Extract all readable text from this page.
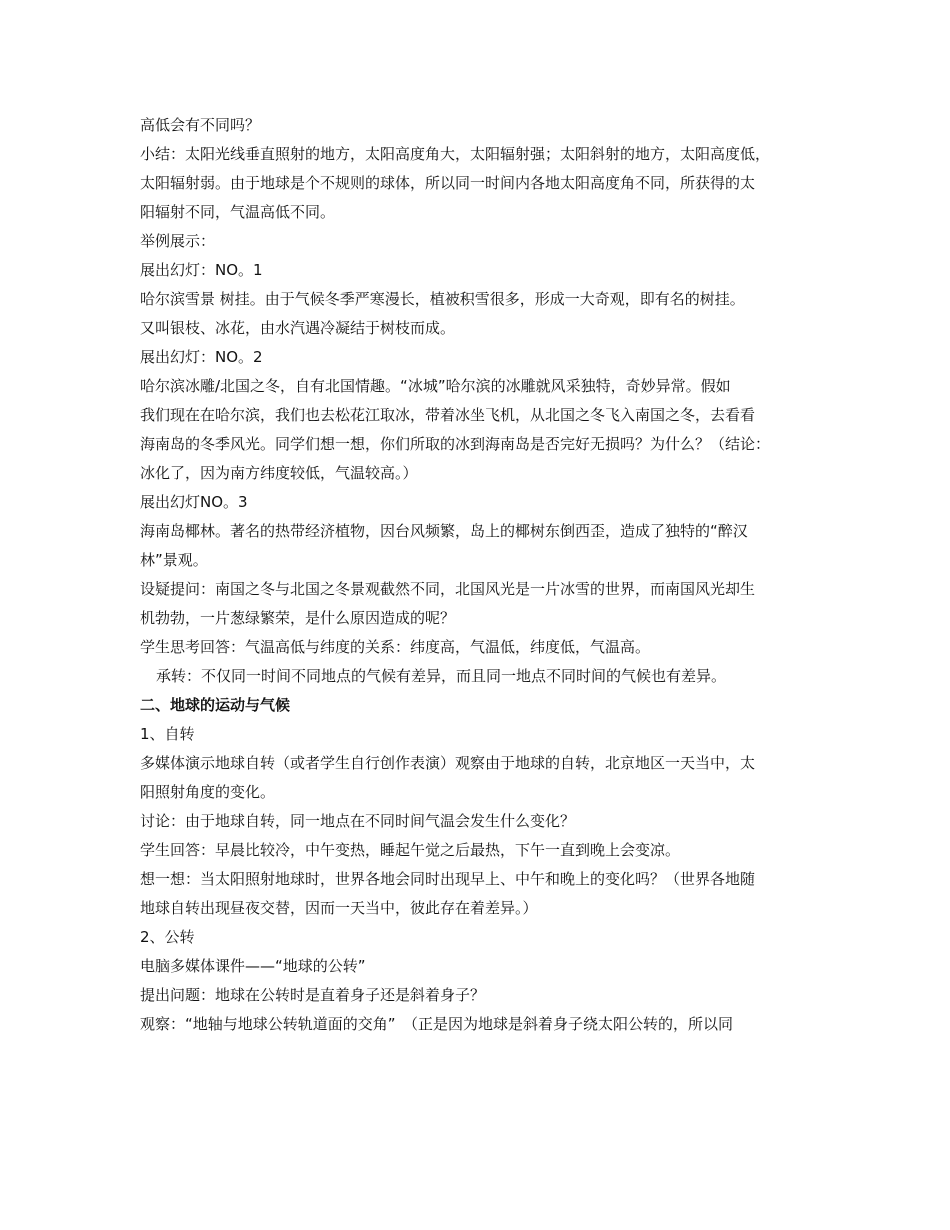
高低会有不同吗？
小结：太阳光线垂直照射的地方，太阳高度角大，太阳辐射强；太阳斜射的地方，太阳高度低，
太阳辐射弱。由于地球是个不规则的球体，所以同一时间内各地太阳高度角不同，所获得的太
阳辐射不同，气温高低不同。
举例展示：
展出幻灯：NO。1
哈尔滨雪景 树挂。由于气候冬季严寒漫长，植被积雪很多，形成一大奇观，即有名的树挂。
又叫银枝、冰花，由水汽遇冷凝结于树枝而成。
展出幻灯：NO。2
哈尔滨冰雕/北国之冬，自有北国情趣。“冰城”哈尔滨的冰雕就风采独特，奇妙异常。假如
我们现在在哈尔滨，我们也去松花江取冰，带着冰坐飞机，从北国之冬飞入南国之冬，去看看
海南岛的冬季风光。同学们想一想，你们所取的冰到海南岛是否完好无损吗？为什么？（结论：
冰化了，因为南方纬度较低，气温较高。）
展出幻灯NO。3
海南岛椰林。著名的热带经济植物，因台风频繁，岛上的椰树东倒西歪，造成了独特的“醉汉
林”景观。
设疑提问：南国之冬与北国之冬景观截然不同，北国风光是一片冰雪的世界，而南国风光却生
机勃勃，一片葱绿繁荣，是什么原因造成的呢？
学生思考回答：气温高低与纬度的关系：纬度高，气温低，纬度低，气温高。
承转：不仅同一时间不同地点的气候有差异，而且同一地点不同时间的气候也有差异。
二、地球的运动与气候
1、自转
多媒体演示地球自转（或者学生自行创作表演）观察由于地球的自转，北京地区一天当中，太
阳照射角度的变化。
讨论：由于地球自转，同一地点在不同时间气温会发生什么变化？
学生回答：早晨比较冷，中午变热，睡起午觉之后最热，下午一直到晚上会变凉。
想一想：当太阳照射地球时，世界各地会同时出现早上、中午和晚上的变化吗？（世界各地随
地球自转出现昼夜交替，因而一天当中，彼此存在着差异。）
2、公转
电脑多媒体课件——“地球的公转”
提出问题：地球在公转时是直着身子还是斜着身子？
观察：“地轴与地球公转轨道面的交角”　（正是因为地球是斜着身子绕太阳公转的，所以同
